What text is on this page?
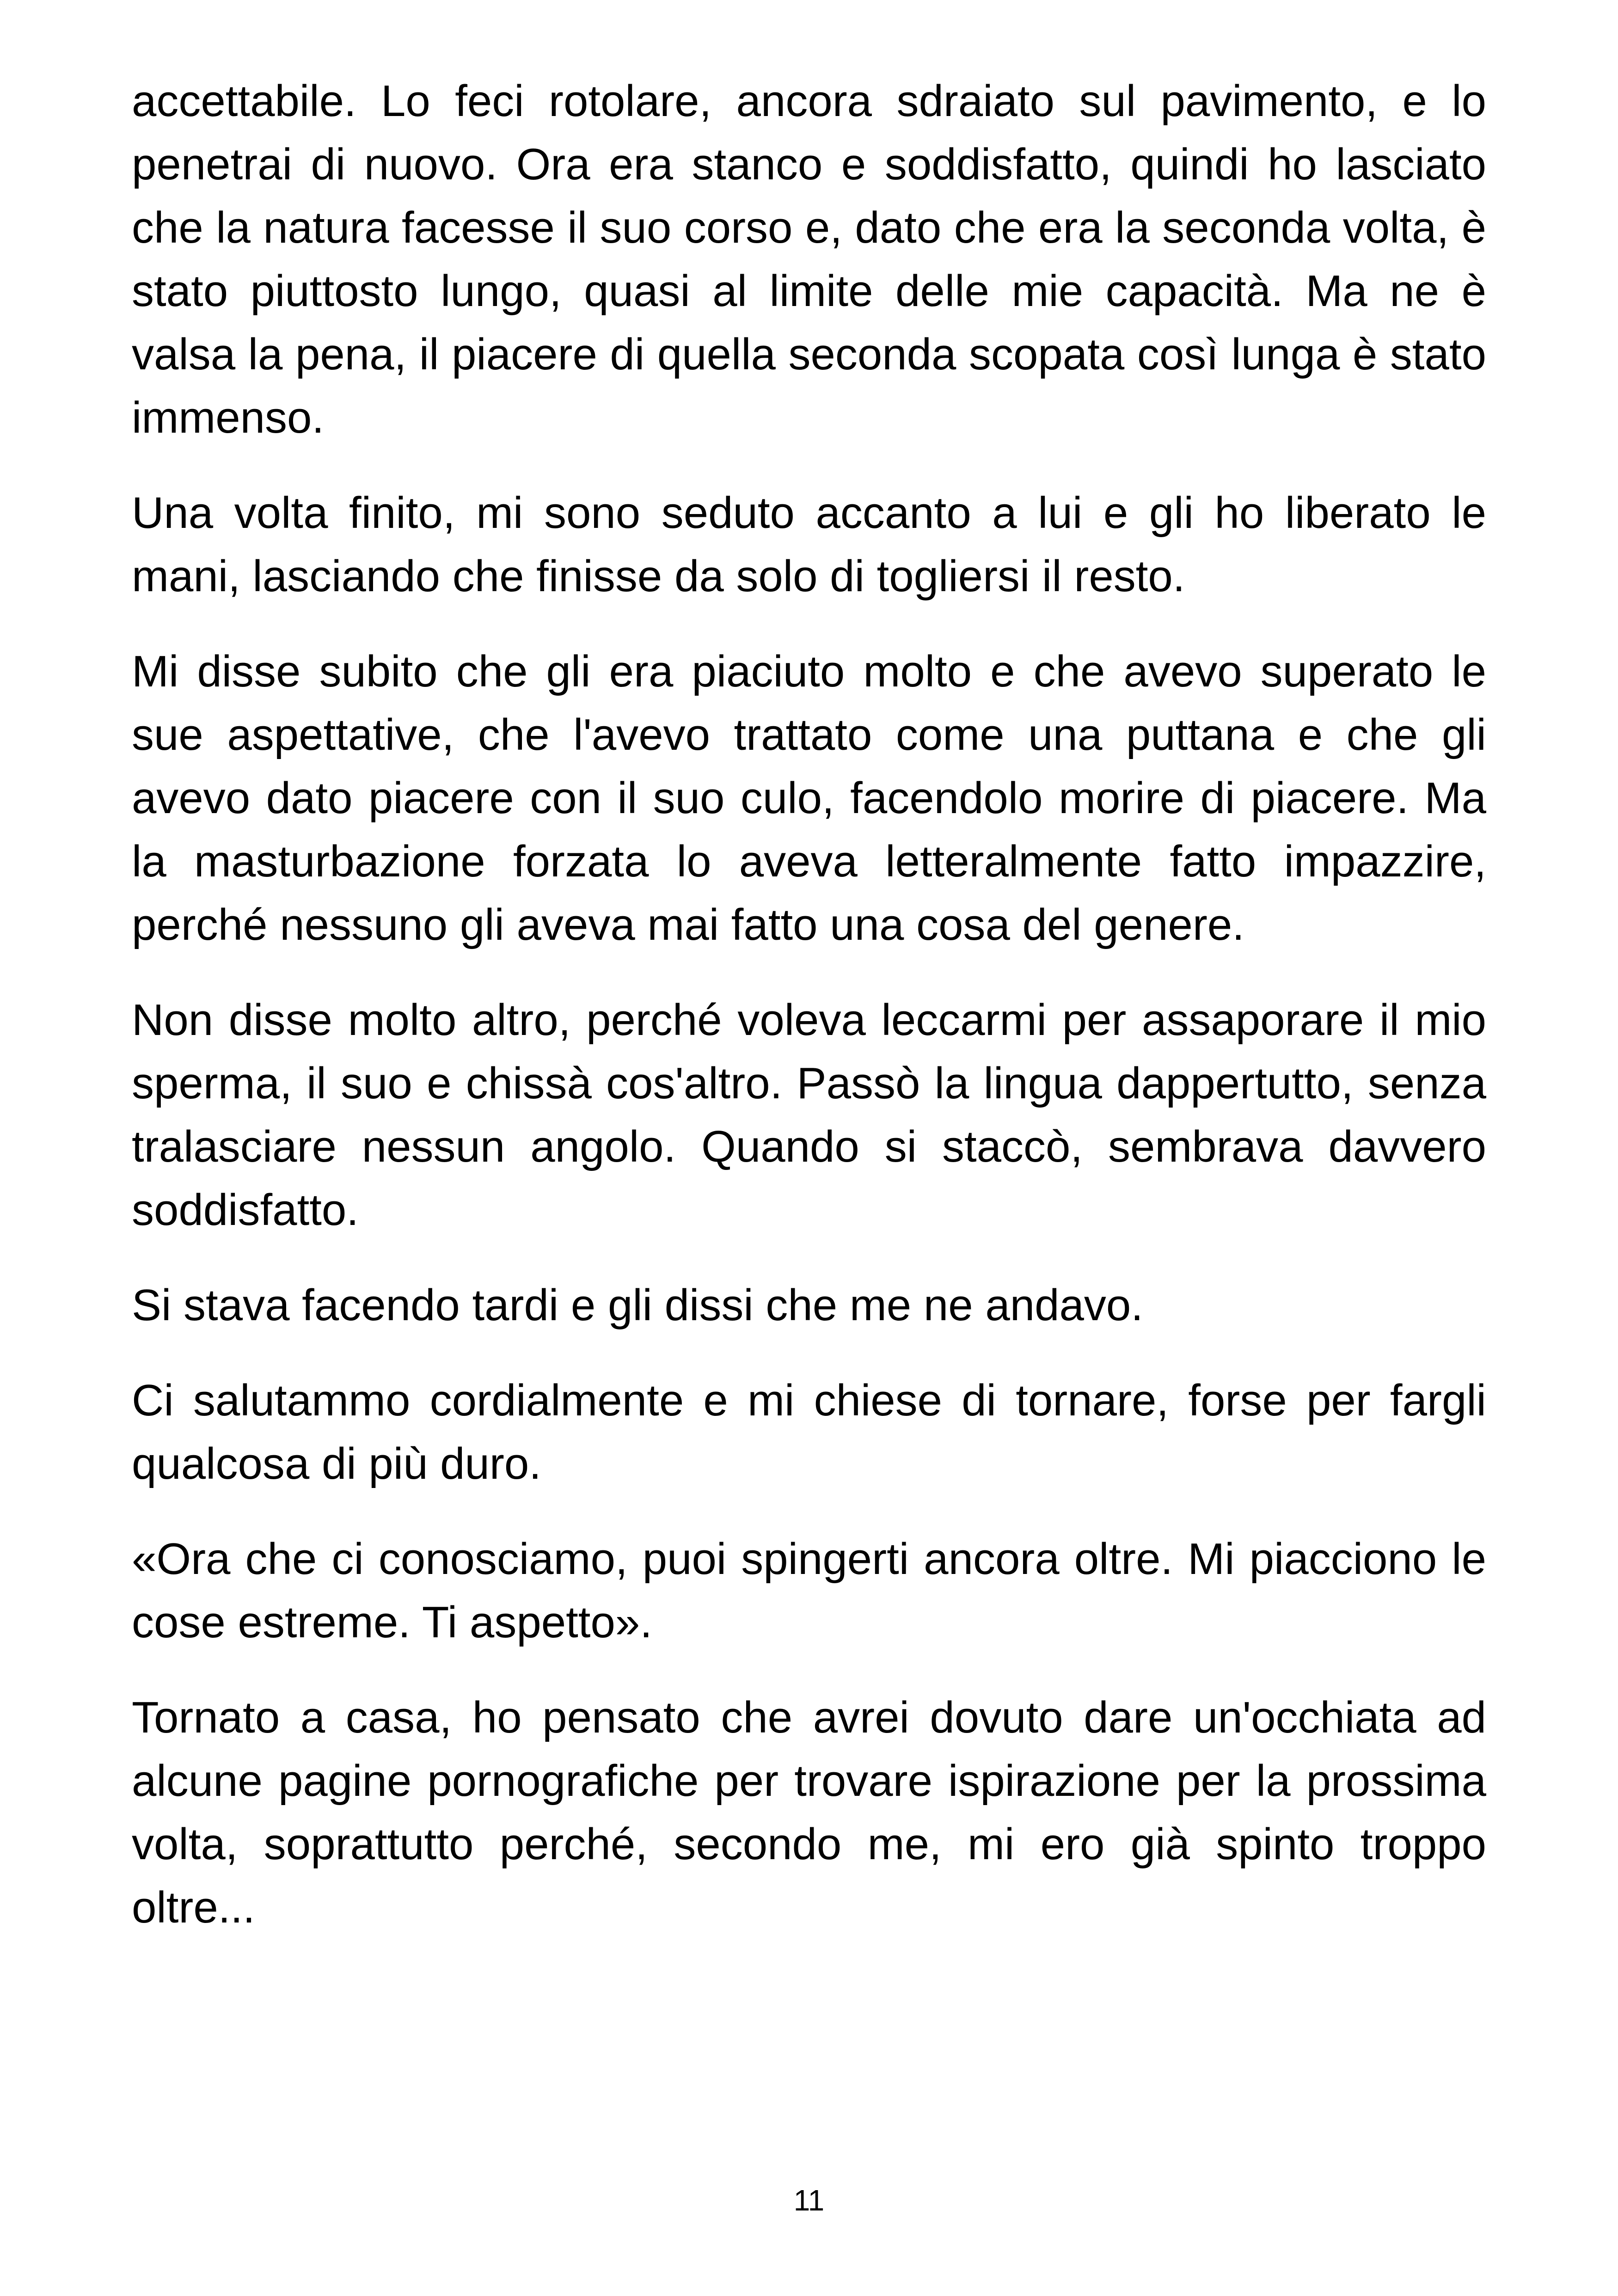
accettabile. Lo feci rotolare, ancora sdraiato sul pavimento, e lo penetrai di nuovo. Ora era stanco e soddisfatto, quindi ho lasciato che la natura facesse il suo corso e, dato che era la seconda volta, è stato piuttosto lungo, quasi al limite delle mie capacità. Ma ne è valsa la pena, il piacere di quella seconda scopata così lunga è stato immenso.

Una volta finito, mi sono seduto accanto a lui e gli ho liberato le mani, lasciando che finisse da solo di togliersi il resto.

Mi disse subito che gli era piaciuto molto e che avevo superato le sue aspettative, che l'avevo trattato come una puttana e che gli avevo dato piacere con il suo culo, facendolo morire di piacere. Ma la masturbazione forzata lo aveva letteralmente fatto impazzire, perché nessuno gli aveva mai fatto una cosa del genere.

Non disse molto altro, perché voleva leccarmi per assaporare il mio sperma, il suo e chissà cos'altro. Passò la lingua dappertutto, senza tralasciare nessun angolo. Quando si staccò, sembrava davvero soddisfatto.

Si stava facendo tardi e gli dissi che me ne andavo.

Ci salutammo cordialmente e mi chiese di tornare, forse per fargli qualcosa di più duro.

«Ora che ci conosciamo, puoi spingerti ancora oltre. Mi piacciono le cose estreme. Ti aspetto».

Tornato a casa, ho pensato che avrei dovuto dare un'occhiata ad alcune pagine pornografiche per trovare ispirazione per la prossima volta, soprattutto perché, secondo me, mi ero già spinto troppo oltre...

11
